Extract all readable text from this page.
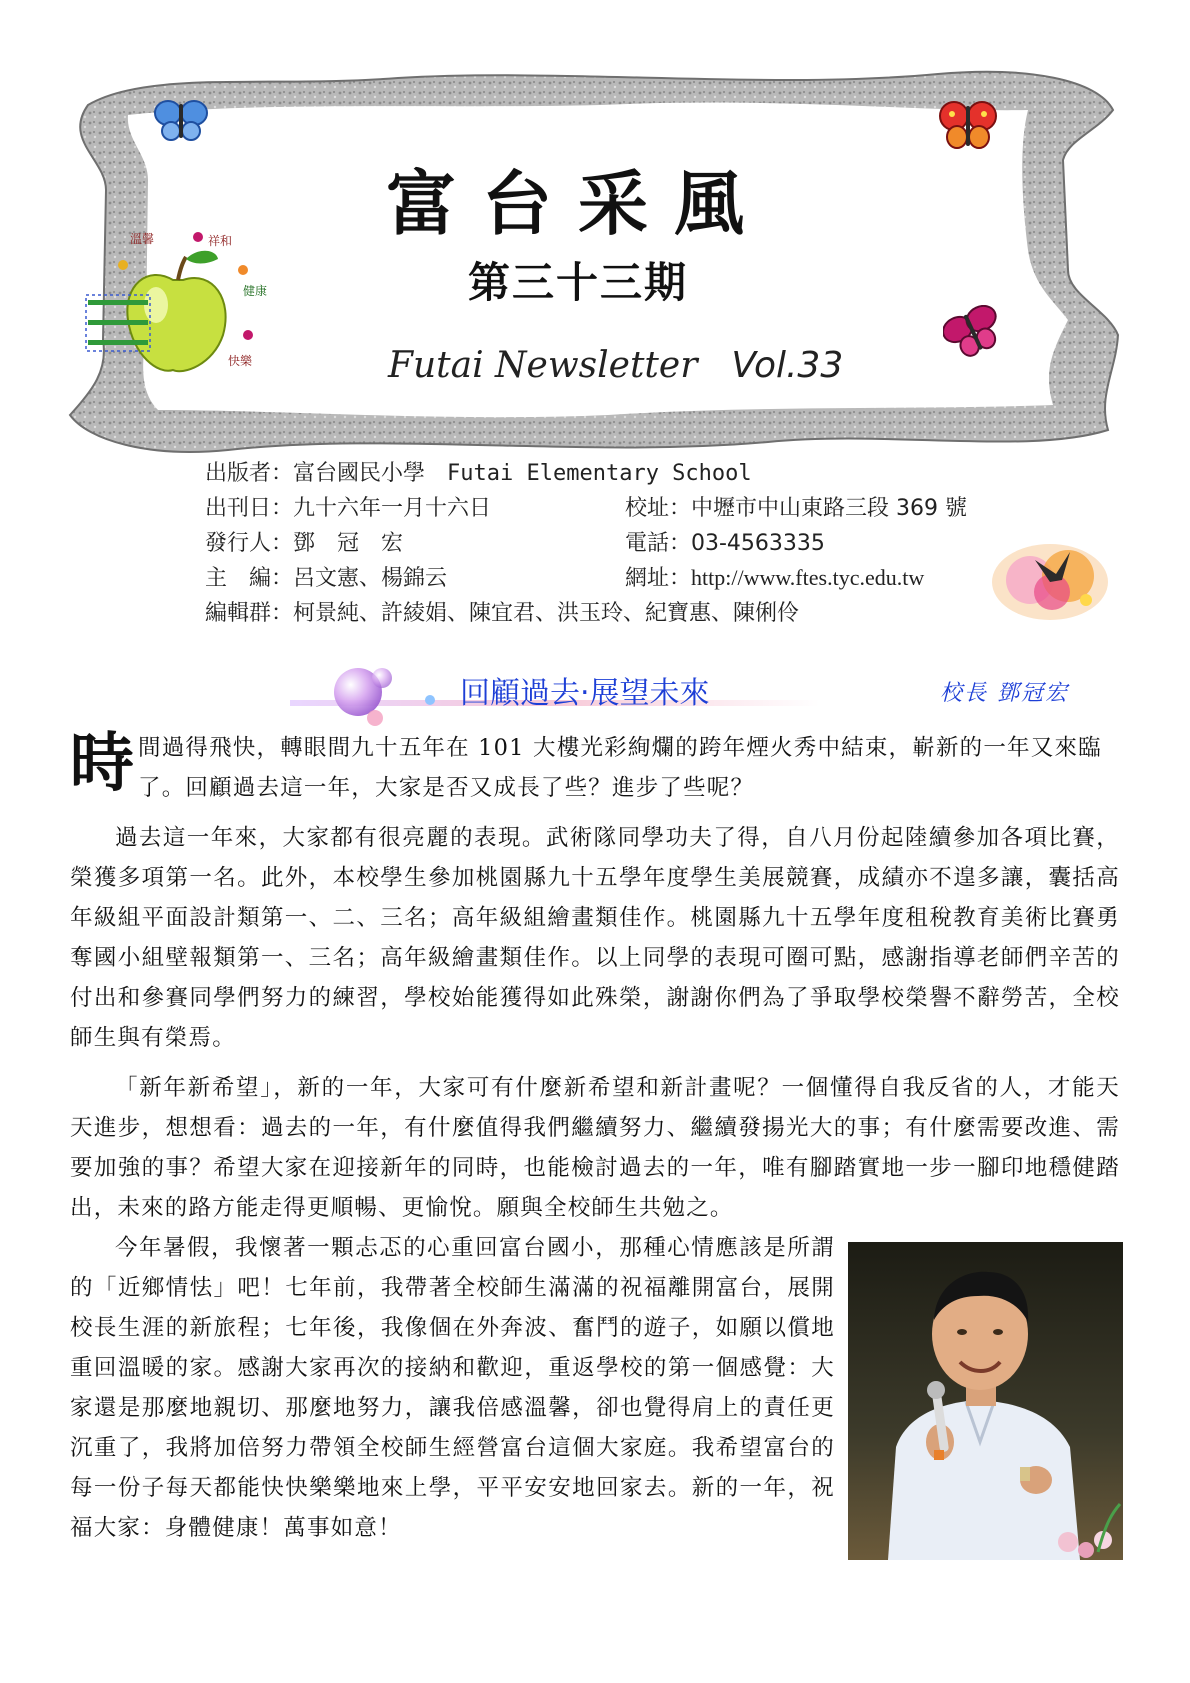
溫馨	祥和
健康
快樂
富台采風
第三十三期
Futai Newsletter Vol.33
出版者：富台國民小學 Futai Elementary School
出刊日：九十六年一月十六日	校址：中壢市中山東路三段 369 號
發行人：鄧　冠　宏	電話：03-4563335
主　編：呂文憲、楊錦云	網址：http://www.ftes.tyc.edu.tw
編輯群：柯景純、許綾娟、陳宜君、洪玉玲、紀寶惠、陳俐伶
回顧過去‧展望未來	校長 鄧冠宏

時 間過得飛快，轉眼間九十五年在 101 大樓光彩絢爛的跨年煙火秀中結束，嶄新的一年又來臨了。回顧過去這一年，大家是否又成長了些？進步了些呢？

過去這一年來，大家都有很亮麗的表現。武術隊同學功夫了得，自八月份起陸續參加各項比賽，榮獲多項第一名。此外，本校學生參加桃園縣九十五學年度學生美展競賽，成績亦不遑多讓，囊括高年級組平面設計類第一、二、三名；高年級組繪畫類佳作。桃園縣九十五學年度租稅教育美術比賽勇奪國小組壁報類第一、三名；高年級繪畫類佳作。以上同學的表現可圈可點，感謝指導老師們辛苦的付出和參賽同學們努力的練習，學校始能獲得如此殊榮，謝謝你們為了爭取學校榮譽不辭勞苦，全校師生與有榮焉。

「新年新希望」，新的一年，大家可有什麼新希望和新計畫呢？一個懂得自我反省的人，才能天天進步，想想看：過去的一年，有什麼值得我們繼續努力、繼續發揚光大的事；有什麼需要改進、需要加強的事？希望大家在迎接新年的同時，也能檢討過去的一年，唯有腳踏實地一步一腳印地穩健踏出，未來的路方能走得更順暢、更愉悅。願與全校師生共勉之。

今年暑假，我懷著一顆忐忑的心重回富台國小，那種心情應該是所謂的「近鄉情怯」吧！七年前，我帶著全校師生滿滿的祝福離開富台，展開校長生涯的新旅程；七年後，我像個在外奔波、奮鬥的遊子，如願以償地重回溫暖的家。感謝大家再次的接納和歡迎，重返學校的第一個感覺：大家還是那麼地親切、那麼地努力，讓我倍感溫馨，卻也覺得肩上的責任更沉重了，我將加倍努力帶領全校師生經營富台這個大家庭。我希望富台的每一份子每天都能快快樂樂地來上學，平平安安地回家去。新的一年，祝福大家：身體健康！萬事如意！
